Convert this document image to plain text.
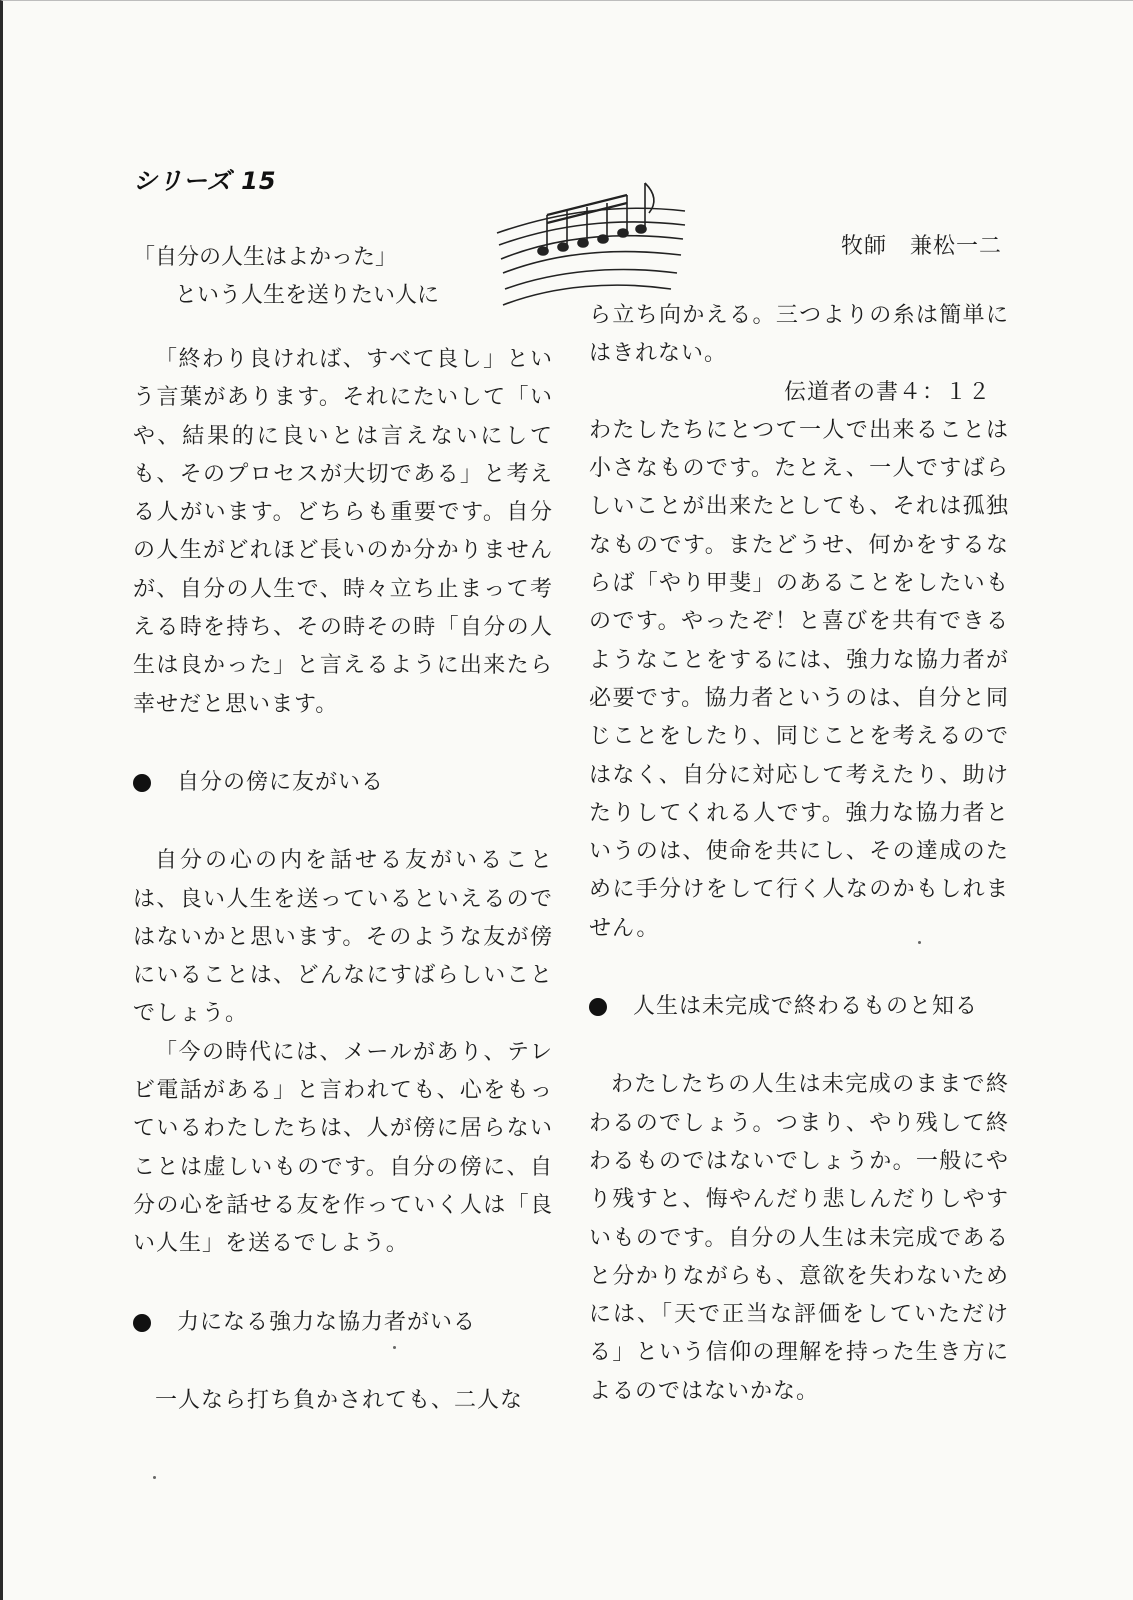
シリーズ 15
「自分の人生はよかった」
という人生を送りたい人に
牧師　兼松一二

「終わり良ければ、すべて良し」という言葉があります。それにたいして「いや、結果的に良いとは言えないにしても、そのプロセスが大切である」と考える人がいます。どちらも重要です。自分の人生がどれほど長いのか分かりませんが、自分の人生で、時々立ち止まって考える時を持ち、その時その時「自分の人生は良かった」と言えるように出来たら幸せだと思います。

自分の傍に友がいる

自分の心の内を話せる友がいることは、良い人生を送っているといえるのではないかと思います。そのような友が傍にいることは、どんなにすばらしいことでしょう。

「今の時代には、メールがあり、テレビ電話がある」と言われても、心をもっているわたしたちは、人が傍に居らないことは虚しいものです。自分の傍に、自分の心を話せる友を作っていく人は「良い人生」を送るでしよう。

力になる強力な協力者がいる

一人なら打ち負かされても、二人な

ら立ち向かえる。三つよりの糸は簡単にはきれない。

伝道者の書４：１２

わたしたちにとつて一人で出来ることは小さなものです。たとえ、一人ですばらしいことが出来たとしても、それは孤独なものです。またどうせ、何かをするならば「やり甲斐」のあることをしたいものです。やったぞ！と喜びを共有できるようなことをするには、強力な協力者が必要です。協力者というのは、自分と同じことをしたり、同じことを考えるのではなく、自分に対応して考えたり、助けたりしてくれる人です。強力な協力者というのは、使命を共にし、その達成のために手分けをして行く人なのかもしれません。

人生は未完成で終わるものと知る

わたしたちの人生は未完成のままで終わるのでしょう。つまり、やり残して終わるものではないでしょうか。一般にやり残すと、悔やんだり悲しんだりしやすいものです。自分の人生は未完成であると分かりながらも、意欲を失わないためには、「天で正当な評価をしていただける」という信仰の理解を持った生き方によるのではないかな。
